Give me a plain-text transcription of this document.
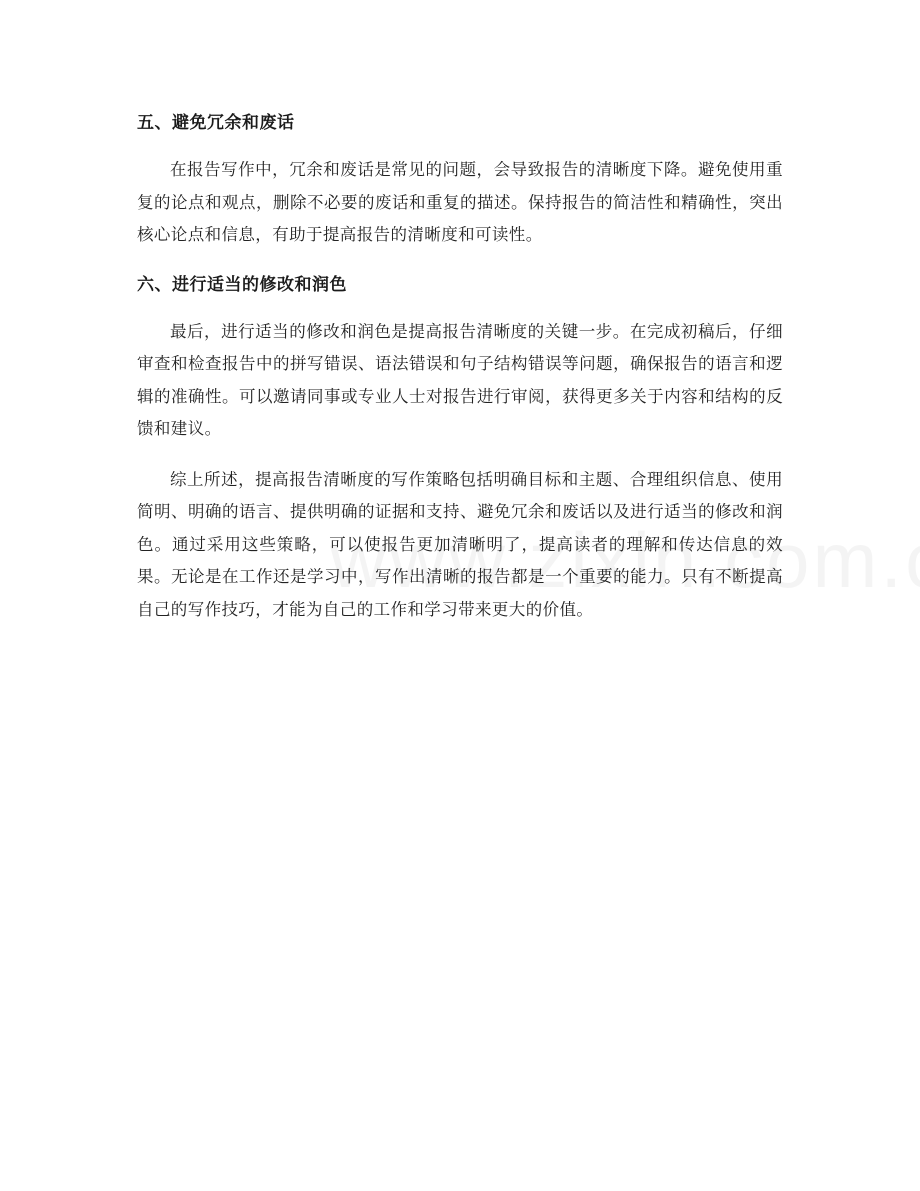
五、避免冗余和废话

在报告写作中，冗余和废话是常见的问题，会导致报告的清晰度下降。避免使用重复的论点和观点，删除不必要的废话和重复的描述。保持报告的简洁性和精确性，突出核心论点和信息，有助于提高报告的清晰度和可读性。

六、进行适当的修改和润色

最后，进行适当的修改和润色是提高报告清晰度的关键一步。在完成初稿后，仔细审查和检查报告中的拼写错误、语法错误和句子结构错误等问题，确保报告的语言和逻辑的准确性。可以邀请同事或专业人士对报告进行审阅，获得更多关于内容和结构的反馈和建议。

综上所述，提高报告清晰度的写作策略包括明确目标和主题、合理组织信息、使用简明、明确的语言、提供明确的证据和支持、避免冗余和废话以及进行适当的修改和润色。通过采用这些策略，可以使报告更加清晰明了，提高读者的理解和传达信息的效果。无论是在工作还是学习中，写作出清晰的报告都是一个重要的能力。只有不断提高自己的写作技巧，才能为自己的工作和学习带来更大的价值。
